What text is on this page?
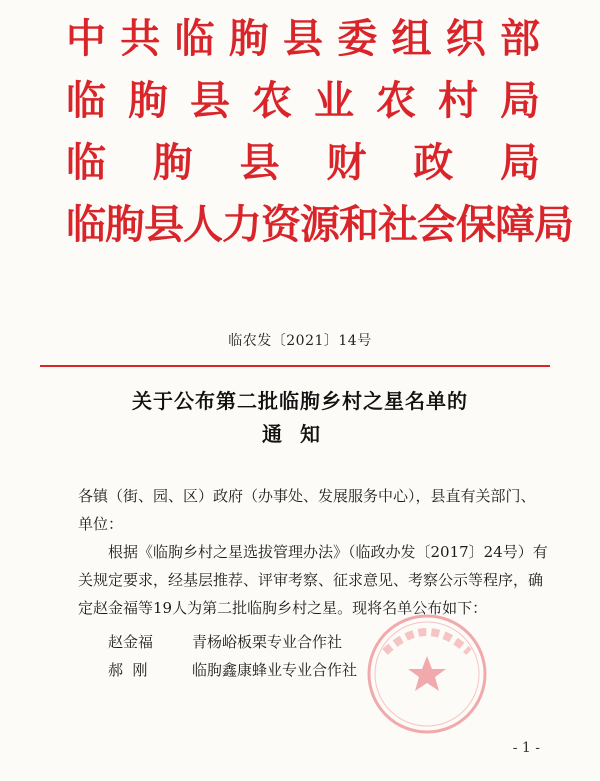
中 共 临 朐 县 委 组 织 部
临 朐 县 农 业 农 村 局
临 朐 县 财 政 局
临朐县人力资源和社会保障局
临农发〔2021〕14号
关于公布第二批临朐乡村之星名单的
通知

各镇（街、园、区）政府（办事处、发展服务中心），县直有关部门、单位：

根据《临朐乡村之星选拔管理办法》（临政办发〔2017〕24号）有关规定要求，经基层推荐、评审考察、征求意见、考察公示等程序，确定赵金福等19人为第二批临朐乡村之星。现将名单公布如下：

赵金福	青杨峪板栗专业合作社
郝  刚	临朐鑫康蜂业专业合作社
- 1 -
